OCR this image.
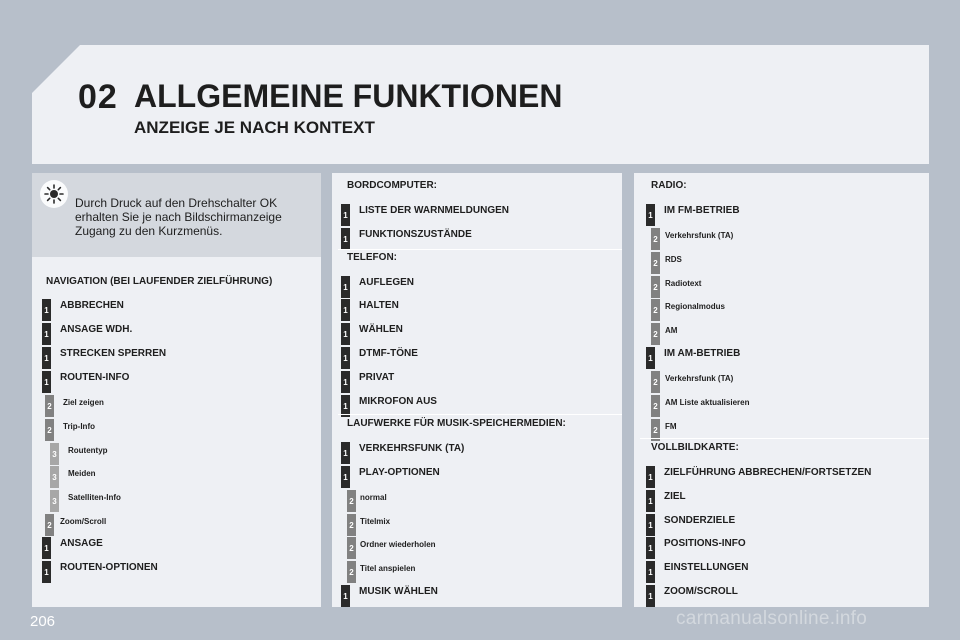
02 ALLGEMEINE FUNKTIONEN
ANZEIGE JE NACH KONTEXT
Durch Druck auf den Drehschalter OK erhalten Sie je nach Bildschirmanzeige Zugang zu den Kurzmenüs.
NAVIGATION (BEI LAUFENDER ZIELFÜHRUNG)
1 ABBRECHEN
1 ANSAGE WDH.
1 STRECKEN SPERREN
1 ROUTEN-INFO
2 Ziel zeigen
2 Trip-Info
3 Routentyp
3 Meiden
3 Satelliten-Info
2 Zoom/Scroll
1 ANSAGE
1 ROUTEN-OPTIONEN
BORDCOMPUTER:
1 LISTE DER WARNMELDUNGEN
1 FUNKTIONSZUSTÄNDE
TELEFON:
1 AUFLEGEN
1 HALTEN
1 WÄHLEN
1 DTMF-TÖNE
1 PRIVAT
1 MIKROFON AUS
LAUFWERKE FÜR MUSIK-SPEICHERMEDIEN:
1 VERKEHRSFUNK (TA)
1 PLAY-OPTIONEN
2 normal
2 Titelmix
2 Ordner wiederholen
2 Titel anspielen
1 MUSIK WÄHLEN
RADIO:
1 IM FM-BETRIEB
2 Verkehrsfunk (TA)
2 RDS
2 Radiotext
2 Regionalmodus
2 AM
1 IM AM-BETRIEB
2 Verkehrsfunk (TA)
2 AM Liste aktualisieren
2 FM
VOLLBILDKARTE:
1 ZIELFÜHRUNG ABBRECHEN/FORTSETZEN
1 ZIEL
1 SONDERZIELE
1 POSITIONS-INFO
1 EINSTELLUNGEN
1 ZOOM/SCROLL
206	carmanualsonline.info
